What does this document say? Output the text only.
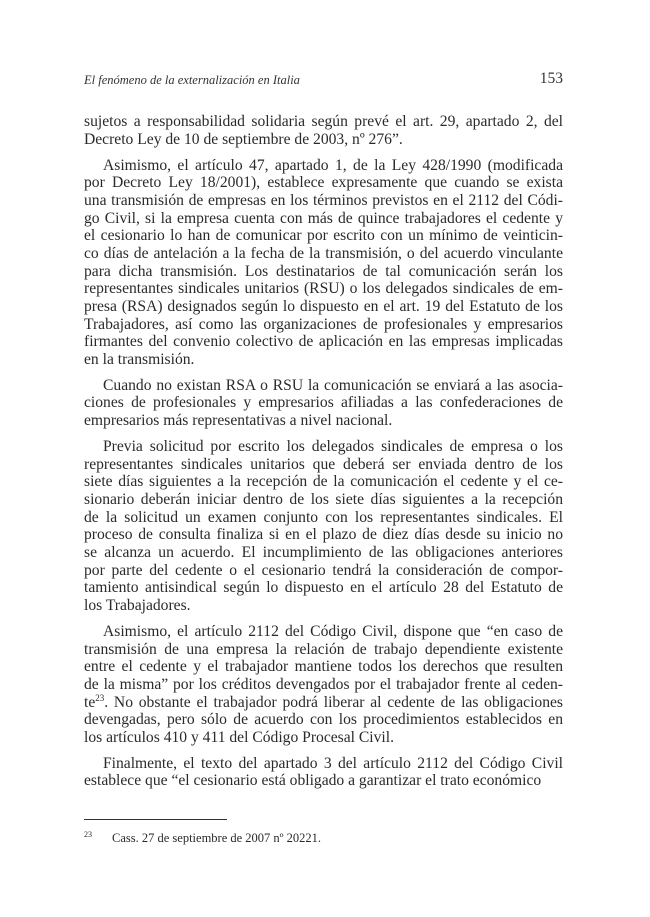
El fenómeno de la externalización en Italia	153

sujetos a responsabilidad solidaria según prevé el art. 29, apartado 2, del
Decreto Ley de 10 de septiembre de 2003, nº 276”.

Asimismo, el artículo 47, apartado 1, de la Ley 428/1990 (modificada
por Decreto Ley 18/2001), establece expresamente que cuando se exista
una transmisión de empresas en los términos previstos en el 2112 del Códi-
go Civil, si la empresa cuenta con más de quince trabajadores el cedente y
el cesionario lo han de comunicar por escrito con un mínimo de veinticin-
co días de antelación a la fecha de la transmisión, o del acuerdo vinculante
para dicha transmisión. Los destinatarios de tal comunicación serán los
representantes sindicales unitarios (RSU) o los delegados sindicales de em-
presa (RSA) designados según lo dispuesto en el art. 19 del Estatuto de los
Trabajadores, así como las organizaciones de profesionales y empresarios
firmantes del convenio colectivo de aplicación en las empresas implicadas
en la transmisión.

Cuando no existan RSA o RSU la comunicación se enviará a las asocia-
ciones de profesionales y empresarios afiliadas a las confederaciones de
empresarios más representativas a nivel nacional.

Previa solicitud por escrito los delegados sindicales de empresa o los
representantes sindicales unitarios que deberá ser enviada dentro de los
siete días siguientes a la recepción de la comunicación el cedente y el ce-
sionario deberán iniciar dentro de los siete días siguientes a la recepción
de la solicitud un examen conjunto con los representantes sindicales. El
proceso de consulta finaliza si en el plazo de diez días desde su inicio no
se alcanza un acuerdo. El incumplimiento de las obligaciones anteriores
por parte del cedente o el cesionario tendrá la consideración de compor-
tamiento antisindical según lo dispuesto en el artículo 28 del Estatuto de
los Trabajadores.

Asimismo, el artículo 2112 del Código Civil, dispone que “en caso de
transmisión de una empresa la relación de trabajo dependiente existente
entre el cedente y el trabajador mantiene todos los derechos que resulten
de la misma” por los créditos devengados por el trabajador frente al ceden-
$te^{23}$. No obstante el trabajador podrá liberar al cedente de las obligaciones
devengadas, pero sólo de acuerdo con los procedimientos establecidos en
los artículos 410 y 411 del Código Procesal Civil.

Finalmente, el texto del apartado 3 del artículo 2112 del Código Civil
establece que “el cesionario está obligado a garantizar el trato económico

23 Cass. 27 de septiembre de 2007 nº 20221.
